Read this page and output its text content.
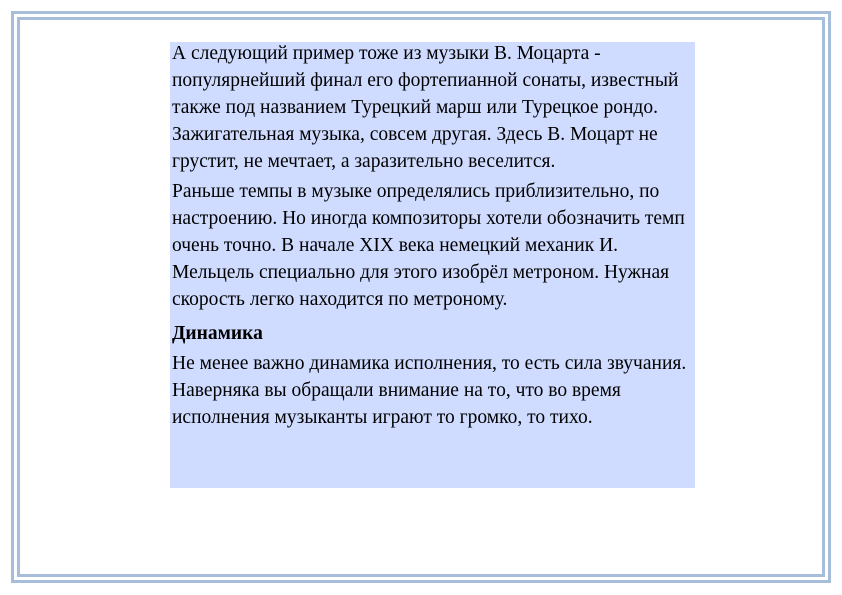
А следующий пример тоже из музыки В. Моцарта - популярнейший финал его фортепианной сонаты, известный также под названием Турецкий марш или Турецкое рондо. Зажигательная музыка, совсем другая. Здесь В. Моцарт не грустит, не мечтает, а заразительно веселится.

Раньше темпы в музыке определялись приблизительно, по настроению. Но иногда композиторы хотели обозначить темп очень точно. В начале XIX века немецкий механик И. Мельцель специально для этого изобрёл метроном. Нужная скорость легко находится по метроному.

Динамика

Не менее важно динамика исполнения, то есть сила звучания. Наверняка вы обращали внимание на то, что во время исполнения музыканты играют то громко, то тихо.
